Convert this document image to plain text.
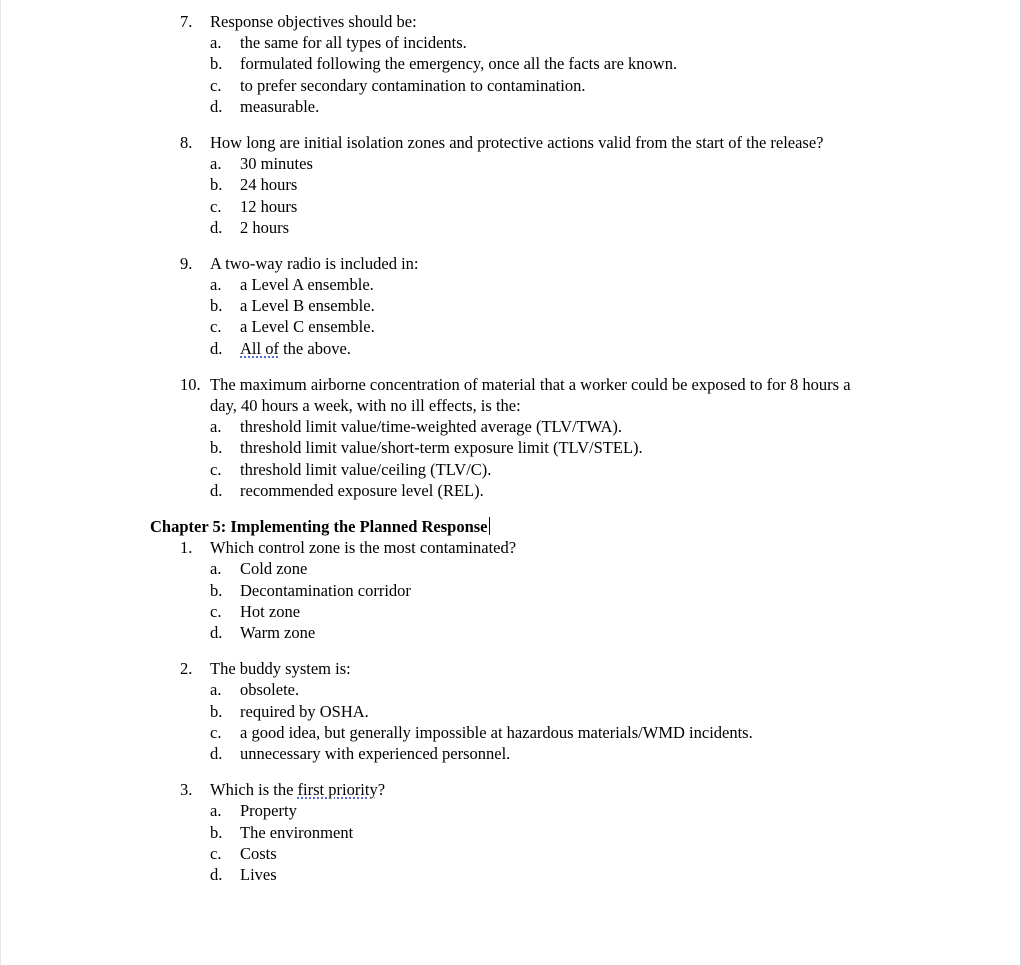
7. Response objectives should be:
a. the same for all types of incidents.
b. formulated following the emergency, once all the facts are known.
c. to prefer secondary contamination to contamination.
d. measurable.
8. How long are initial isolation zones and protective actions valid from the start of the release?
a. 30 minutes
b. 24 hours
c. 12 hours
d. 2 hours
9. A two-way radio is included in:
a. a Level A ensemble.
b. a Level B ensemble.
c. a Level C ensemble.
d. All of the above.
10. The maximum airborne concentration of material that a worker could be exposed to for 8 hours a day, 40 hours a week, with no ill effects, is the:
a. threshold limit value/time-weighted average (TLV/TWA).
b. threshold limit value/short-term exposure limit (TLV/STEL).
c. threshold limit value/ceiling (TLV/C).
d. recommended exposure level (REL).
Chapter 5: Implementing the Planned Response
1. Which control zone is the most contaminated?
a. Cold zone
b. Decontamination corridor
c. Hot zone
d. Warm zone
2. The buddy system is:
a. obsolete.
b. required by OSHA.
c. a good idea, but generally impossible at hazardous materials/WMD incidents.
d. unnecessary with experienced personnel.
3. Which is the first priority?
a. Property
b. The environment
c. Costs
d. Lives
